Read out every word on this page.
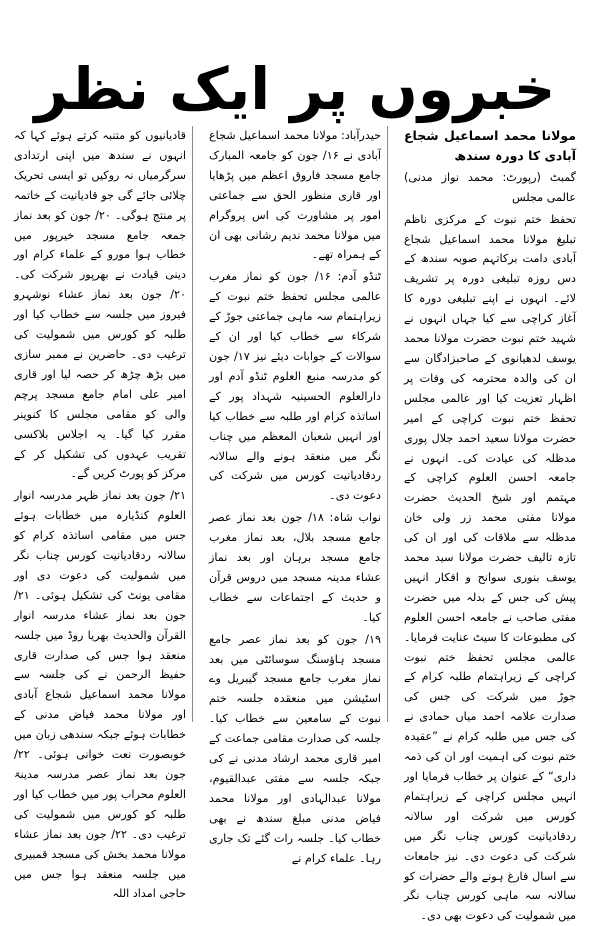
خبروں پر ایک نظر
مولانا محمد اسماعیل شجاع آبادی کا دورہ سندھ
گمبٹ (رپورٹ: محمد نواز مدنی) عالمی مجلس
تحفظ ختم نبوت کے مرکزی ناظم تبلیغ مولانا محمد اسماعیل شجاع آبادی دامت برکاتہم صوبہ سندھ کے دس روزہ تبلیغی دورہ پر تشریف لائے۔ انہوں نے اپنے تبلیغی دورہ کا آغاز کراچی سے کیا جہاں انہوں نے شہید ختم نبوت حضرت مولانا محمد یوسف لدھیانوی کے صاحبزادگان سے ان کی والدہ محترمہ کی وفات پر اظہار تعزیت کیا اور عالمی مجلس تحفظ ختم نبوت کراچی کے امیر حضرت مولانا سعید احمد جلال پوری مدظلہ کی عیادت کی۔ انہوں نے جامعہ احسن العلوم کراچی کے مہتمم اور شیخ الحدیث حضرت مولانا مفتی محمد زر ولی خان مدظلہ سے ملاقات کی اور ان کی تازہ تالیف حضرت مولانا سید محمد یوسف بنوری سوانح و افکار انہیں پیش کی جس کے بدلہ میں حضرت مفتی صاحب نے جامعہ احسن العلوم کی مطبوعات کا سیٹ عنایت فرمایا۔ عالمی مجلس تحفظ ختم نبوت کراچی کے زیراہتمام طلبہ کرام کے جوڑ میں شرکت کی جس کی صدارت علامہ احمد میاں حمادی نے کی جس میں طلبہ کرام نے ”عقیدہ ختم نبوت کی اہمیت اور ان کی ذمہ داری“ کے عنوان پر خطاب فرمایا اور انہیں مجلس کراچی کے زیراہتمام کورس میں شرکت اور سالانہ ردقادیانیت کورس چناب نگر میں شرکت کی دعوت دی۔ نیز جامعات سے اسال فارغ ہونے والے حضرات کو سالانہ سہ ماہی کورس چناب نگر میں شمولیت کی دعوت بھی دی۔
حیدرآباد: مولانا محمد اسماعیل شجاع آبادی نے ۱۶/ جون کو جامعہ المبارک جامع مسجد فاروق اعظم میں پڑھایا اور قاری منظور الحق سے جماعتی امور پر مشاورت کی اس پروگرام میں مولانا محمد ندیم رشانی بھی ان کے ہمراہ تھے۔
ٹنڈو آدم: ۱۶/ جون کو نماز مغرب عالمی مجلس تحفظ ختم نبوت کے زیراہتمام سہ ماہی جماعتی جوڑ کے شرکاء سے خطاب کیا اور ان کے سوالات کے جوابات دیئے نیز ۱۷/ جون کو مدرسہ منبع العلوم ٹنڈو آدم اور دارالعلوم الحسینیہ شہداد پور کے اساتذہ کرام اور طلبہ سے خطاب کیا اور انہیں شعبان المعظم میں چناب نگر میں منعقد ہونے والے سالانہ ردقادیانیت کورس میں شرکت کی دعوت دی۔
نواب شاہ: ۱۸/ جون بعد نماز عصر جامع مسجد بلال، بعد نماز مغرب جامع مسجد برہان اور بعد نماز عشاء مدینہ مسجد میں دروس قرآن و حدیث کے اجتماعات سے خطاب کیا۔
۱۹/ جون کو بعد نماز عصر جامع مسجد ہاؤسنگ سوسائٹی میں بعد نماز مغرب جامع مسجد گیبریل وے اسٹیشن میں منعقدہ جلسہ ختم نبوت کے سامعین سے خطاب کیا۔ جلسہ کی صدارت مقامی جماعت کے امیر قاری محمد ارشاد مدنی نے کی جبکہ جلسہ سے مفتی عبدالقیوم، مولانا عبدالہادی اور مولانا محمد فیاض مدنی مبلغ سندھ نے بھی خطاب کیا۔ جلسہ رات گئے تک جاری رہا۔ علماء کرام نے
قادیانیوں کو متنبہ کرتے ہوئے کہا کہ انہوں نے سندھ میں اپنی ارتدادی سرگرمیاں نہ روکیں تو ایسی تحریک چلائی جائے گی جو قادیانیت کے خاتمہ پر منتج ہوگی۔ ۲۰/ جون کو بعد نماز جمعہ جامع مسجد خیرپور میں خطاب ہوا مورو کے علماء کرام اور دینی قیادت نے بھرپور شرکت کی۔ ۲۰/ جون بعد نماز عشاء نوشہرو فیروز میں جلسہ سے خطاب کیا اور طلبہ کو کورس میں شمولیت کی ترغیب دی۔ حاضرین نے ممبر سازی میں بڑھ چڑھ کر حصہ لیا اور قاری امیر علی امام جامع مسجد پرچم والی کو مقامی مجلس کا کنوینر مقرر کیا گیا۔ یہ اجلاس بلاکسی تقریب عہدوں کی تشکیل کر کے مرکز کو پورٹ کریں گے۔
۲۱/ جون بعد نماز ظہر مدرسہ انوار العلوم کنڈیارہ میں خطابات ہوئے جس میں مقامی اساتذہ کرام کو سالانہ ردقادیانیت کورس چناب نگر میں شمولیت کی دعوت دی اور مقامی یونٹ کی تشکیل ہوئی۔ ۲۱/ جون بعد نماز عشاء مدرسہ انوار القرآن والحدیث بھریا روڈ میں جلسہ منعقد ہوا جس کی صدارت قاری حفیظ الرحمن نے کی جلسہ سے مولانا محمد اسماعیل شجاع آبادی اور مولانا محمد فیاض مدنی کے خطابات ہوئے جبکہ سندھی زبان میں خوبصورت نعت خوانی ہوئی۔ ۲۲/ جون بعد نماز عصر مدرسہ مدینۃ العلوم محراب پور میں خطاب کیا اور طلبہ کو کورس میں شمولیت کی ترغیب دی۔ ۲۲/ جون بعد نماز عشاء مولانا محمد بخش کی مسجد قمبیری میں جلسہ منعقد ہوا جس میں حاجی امداد اللہ
